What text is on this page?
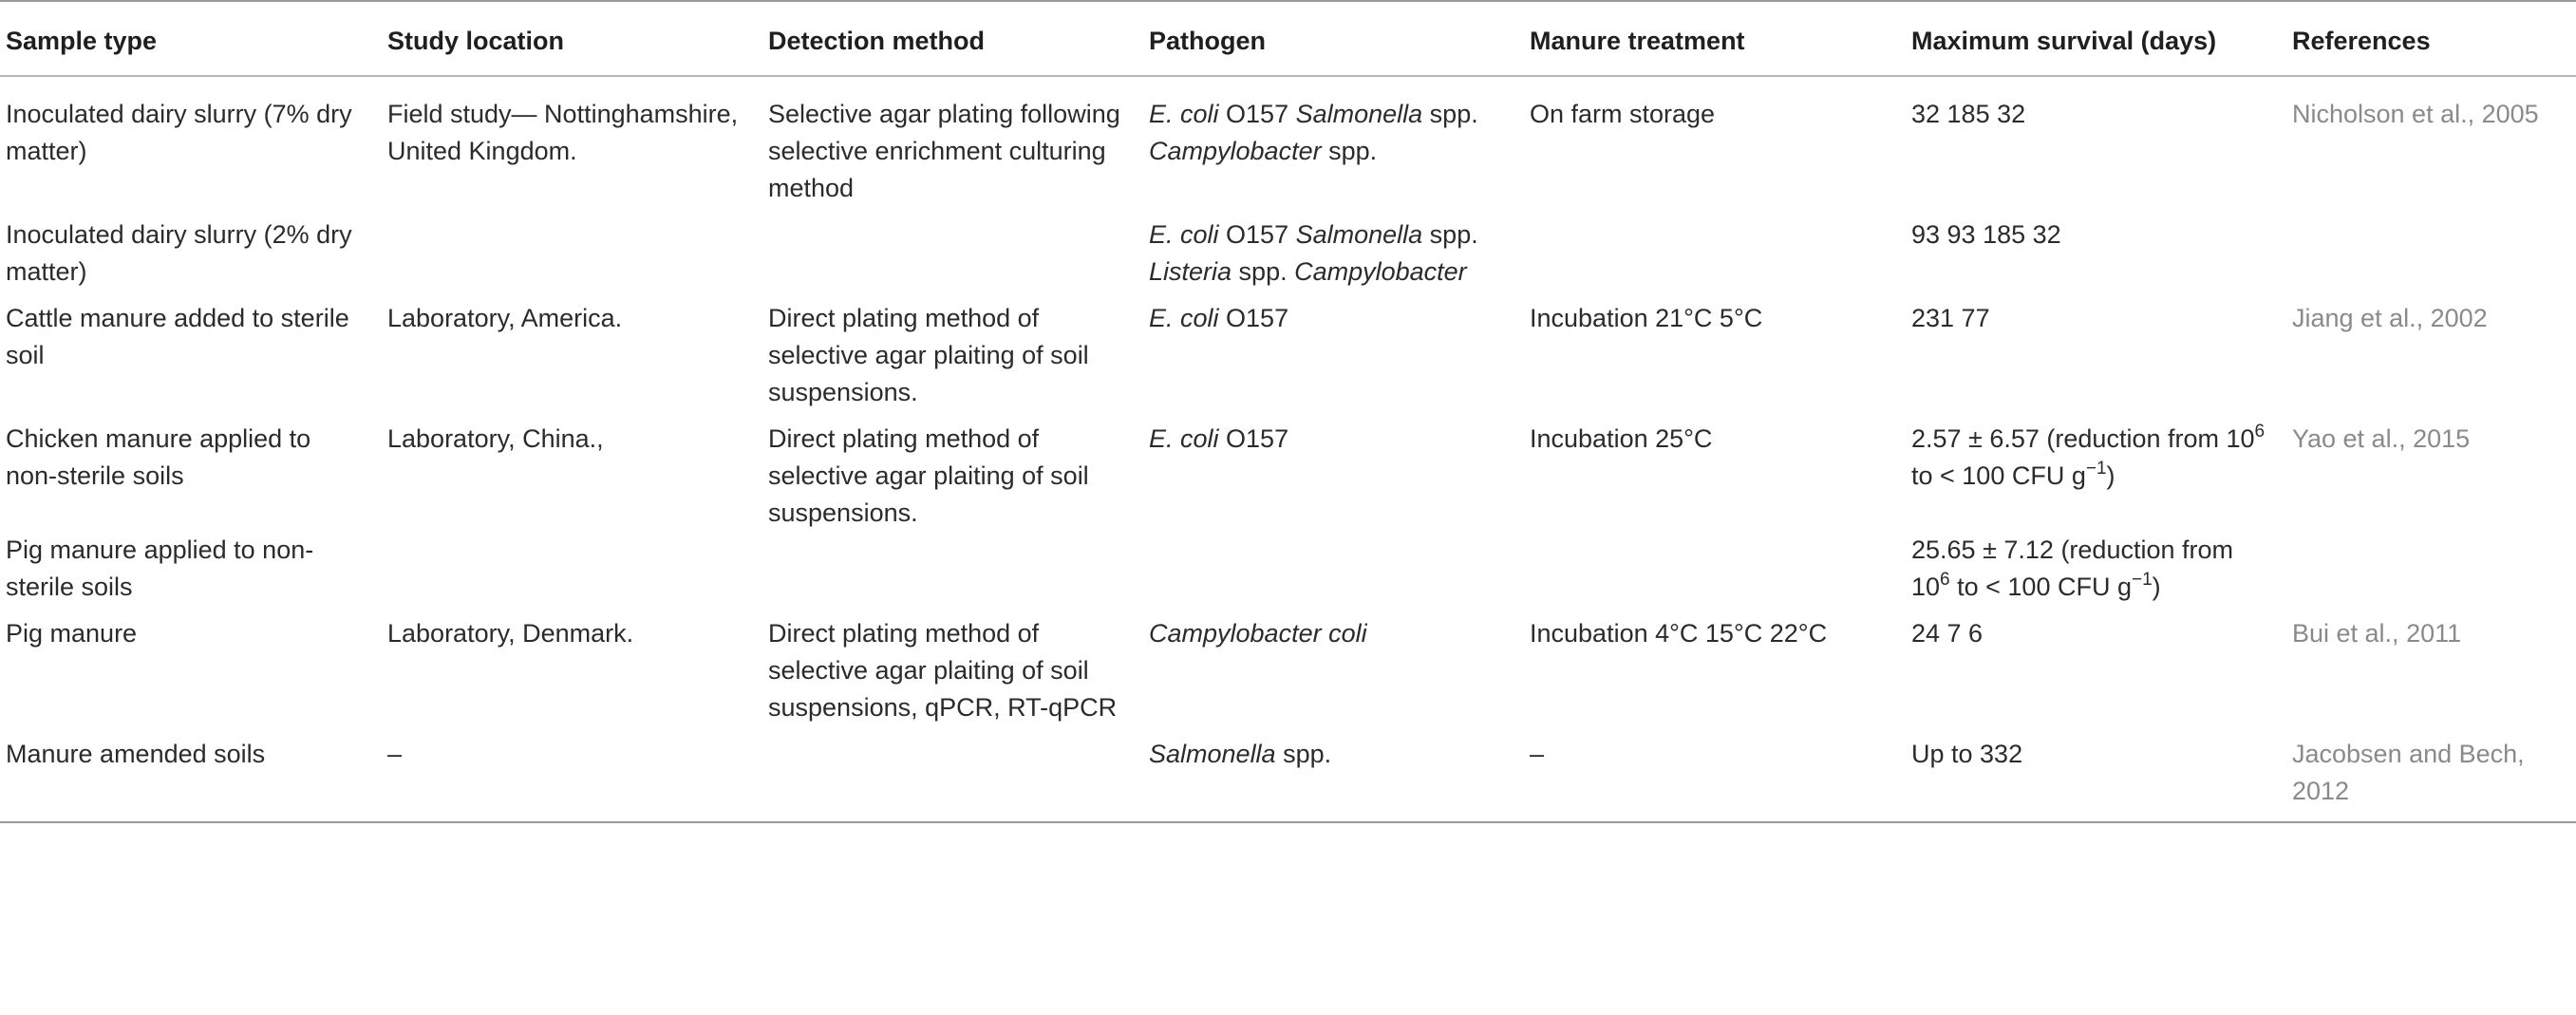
Sample type	Study location	Detection method	Pathogen	Manure treatment	Maximum survival (days)	References
Inoculated dairy slurry (7% dry matter)	Field study— Nottinghamshire, United Kingdom.	Selective agar plating following selective enrichment culturing method	E. coli O157 Salmonella spp. Campylobacter spp.	On farm storage	32 185 32	Nicholson et al., 2005
Inoculated dairy slurry (2% dry matter)			E. coli O157 Salmonella spp. Listeria spp. Campylobacter		93 93 185 32	
Cattle manure added to sterile soil	Laboratory, America.	Direct plating method of selective agar plaiting of soil suspensions.	E. coli O157	Incubation 21°C 5°C	231 77	Jiang et al., 2002
Chicken manure applied to non-sterile soils	Laboratory, China.,	Direct plating method of selective agar plaiting of soil suspensions.	E. coli O157	Incubation 25°C	2.57 ± 6.57 (reduction from $10^6$ to < 100 CFU $g^{-1}$)	Yao et al., 2015
Pig manure applied to non-sterile soils					25.65 ± 7.12 (reduction from $10^6$ to < 100 CFU $g^{-1}$)	
Pig manure	Laboratory, Denmark.	Direct plating method of selective agar plaiting of soil suspensions, qPCR, RT-qPCR	Campylobacter coli	Incubation 4°C 15°C 22°C	24 7 6	Bui et al., 2011
Manure amended soils	–		Salmonella spp.	–	Up to 332	Jacobsen and Bech, 2012
